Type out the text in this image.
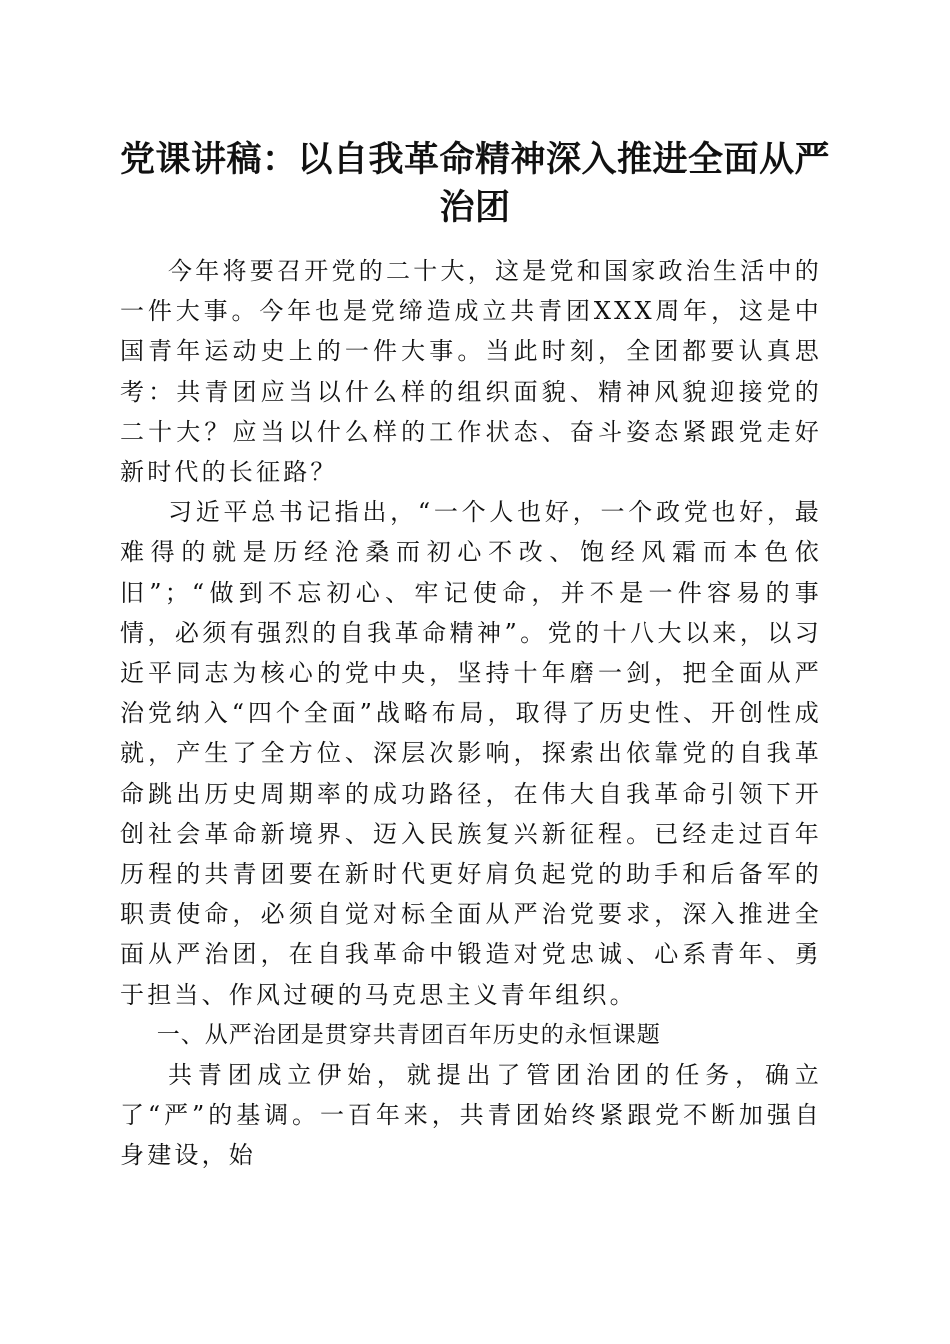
党课讲稿：以自我革命精神深入推进全面从严
治团

今年将要召开党的二十大，这是党和国家政治生活中的一件大事。今年也是党缔造成立共青团XXX周年，这是中国青年运动史上的一件大事。当此时刻，全团都要认真思考：共青团应当以什么样的组织面貌、精神风貌迎接党的二十大？应当以什么样的工作状态、奋斗姿态紧跟党走好新时代的长征路？

习近平总书记指出，“一个人也好，一个政党也好，最难得的就是历经沧桑而初心不改、饱经风霜而本色依旧”；“做到不忘初心、牢记使命，并不是一件容易的事情，必须有强烈的自我革命精神”。党的十八大以来，以习近平同志为核心的党中央，坚持十年磨一剑，把全面从严治党纳入“四个全面”战略布局，取得了历史性、开创性成就，产生了全方位、深层次影响，探索出依靠党的自我革命跳出历史周期率的成功路径，在伟大自我革命引领下开创社会革命新境界、迈入民族复兴新征程。已经走过百年历程的共青团要在新时代更好肩负起党的助手和后备军的职责使命，必须自觉对标全面从严治党要求，深入推进全面从严治团，在自我革命中锻造对党忠诚、心系青年、勇于担当、作风过硬的马克思主义青年组织。

一、从严治团是贯穿共青团百年历史的永恒课题

共青团成立伊始，就提出了管团治团的任务，确立了“严”的基调。一百年来，共青团始终紧跟党不断加强自身建设，始
